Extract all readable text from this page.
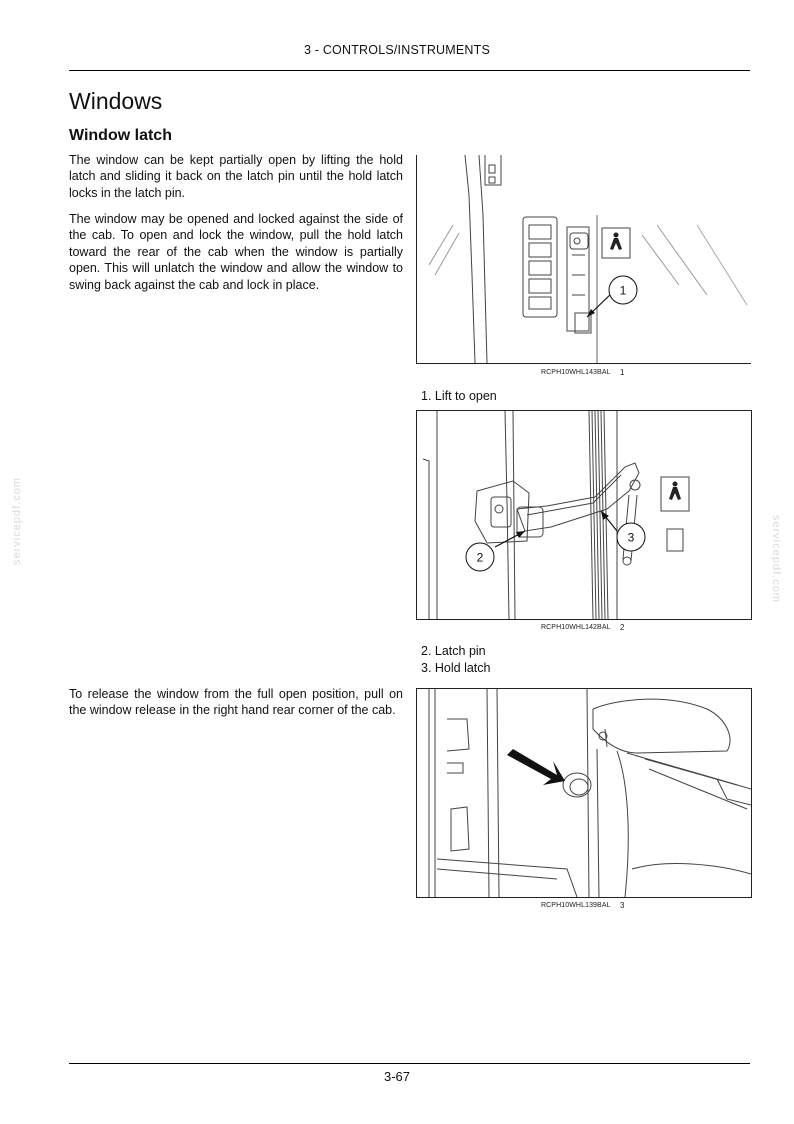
3 - CONTROLS/INSTRUMENTS
Windows
Window latch

The window can be kept partially open by lifting the hold latch and sliding it back on the latch pin until the hold latch locks in the latch pin.

The window may be opened and locked against the side of the cab. To open and lock the window, pull the hold latch toward the rear of the cab when the window is partially open. This will unlatch the window and allow the window to swing back against the cab and lock in place.

To release the window from the full open position, pull on the window release in the right hand rear corner of the cab.

1
RCPH10WHL143BAL 1
1. Lift to open
2
3
RCPH10WHL142BAL 2
2. Latch pin
3. Hold latch
RCPH10WHL139BAL 3
servicepdf.com	servicepdf.com
3-67
